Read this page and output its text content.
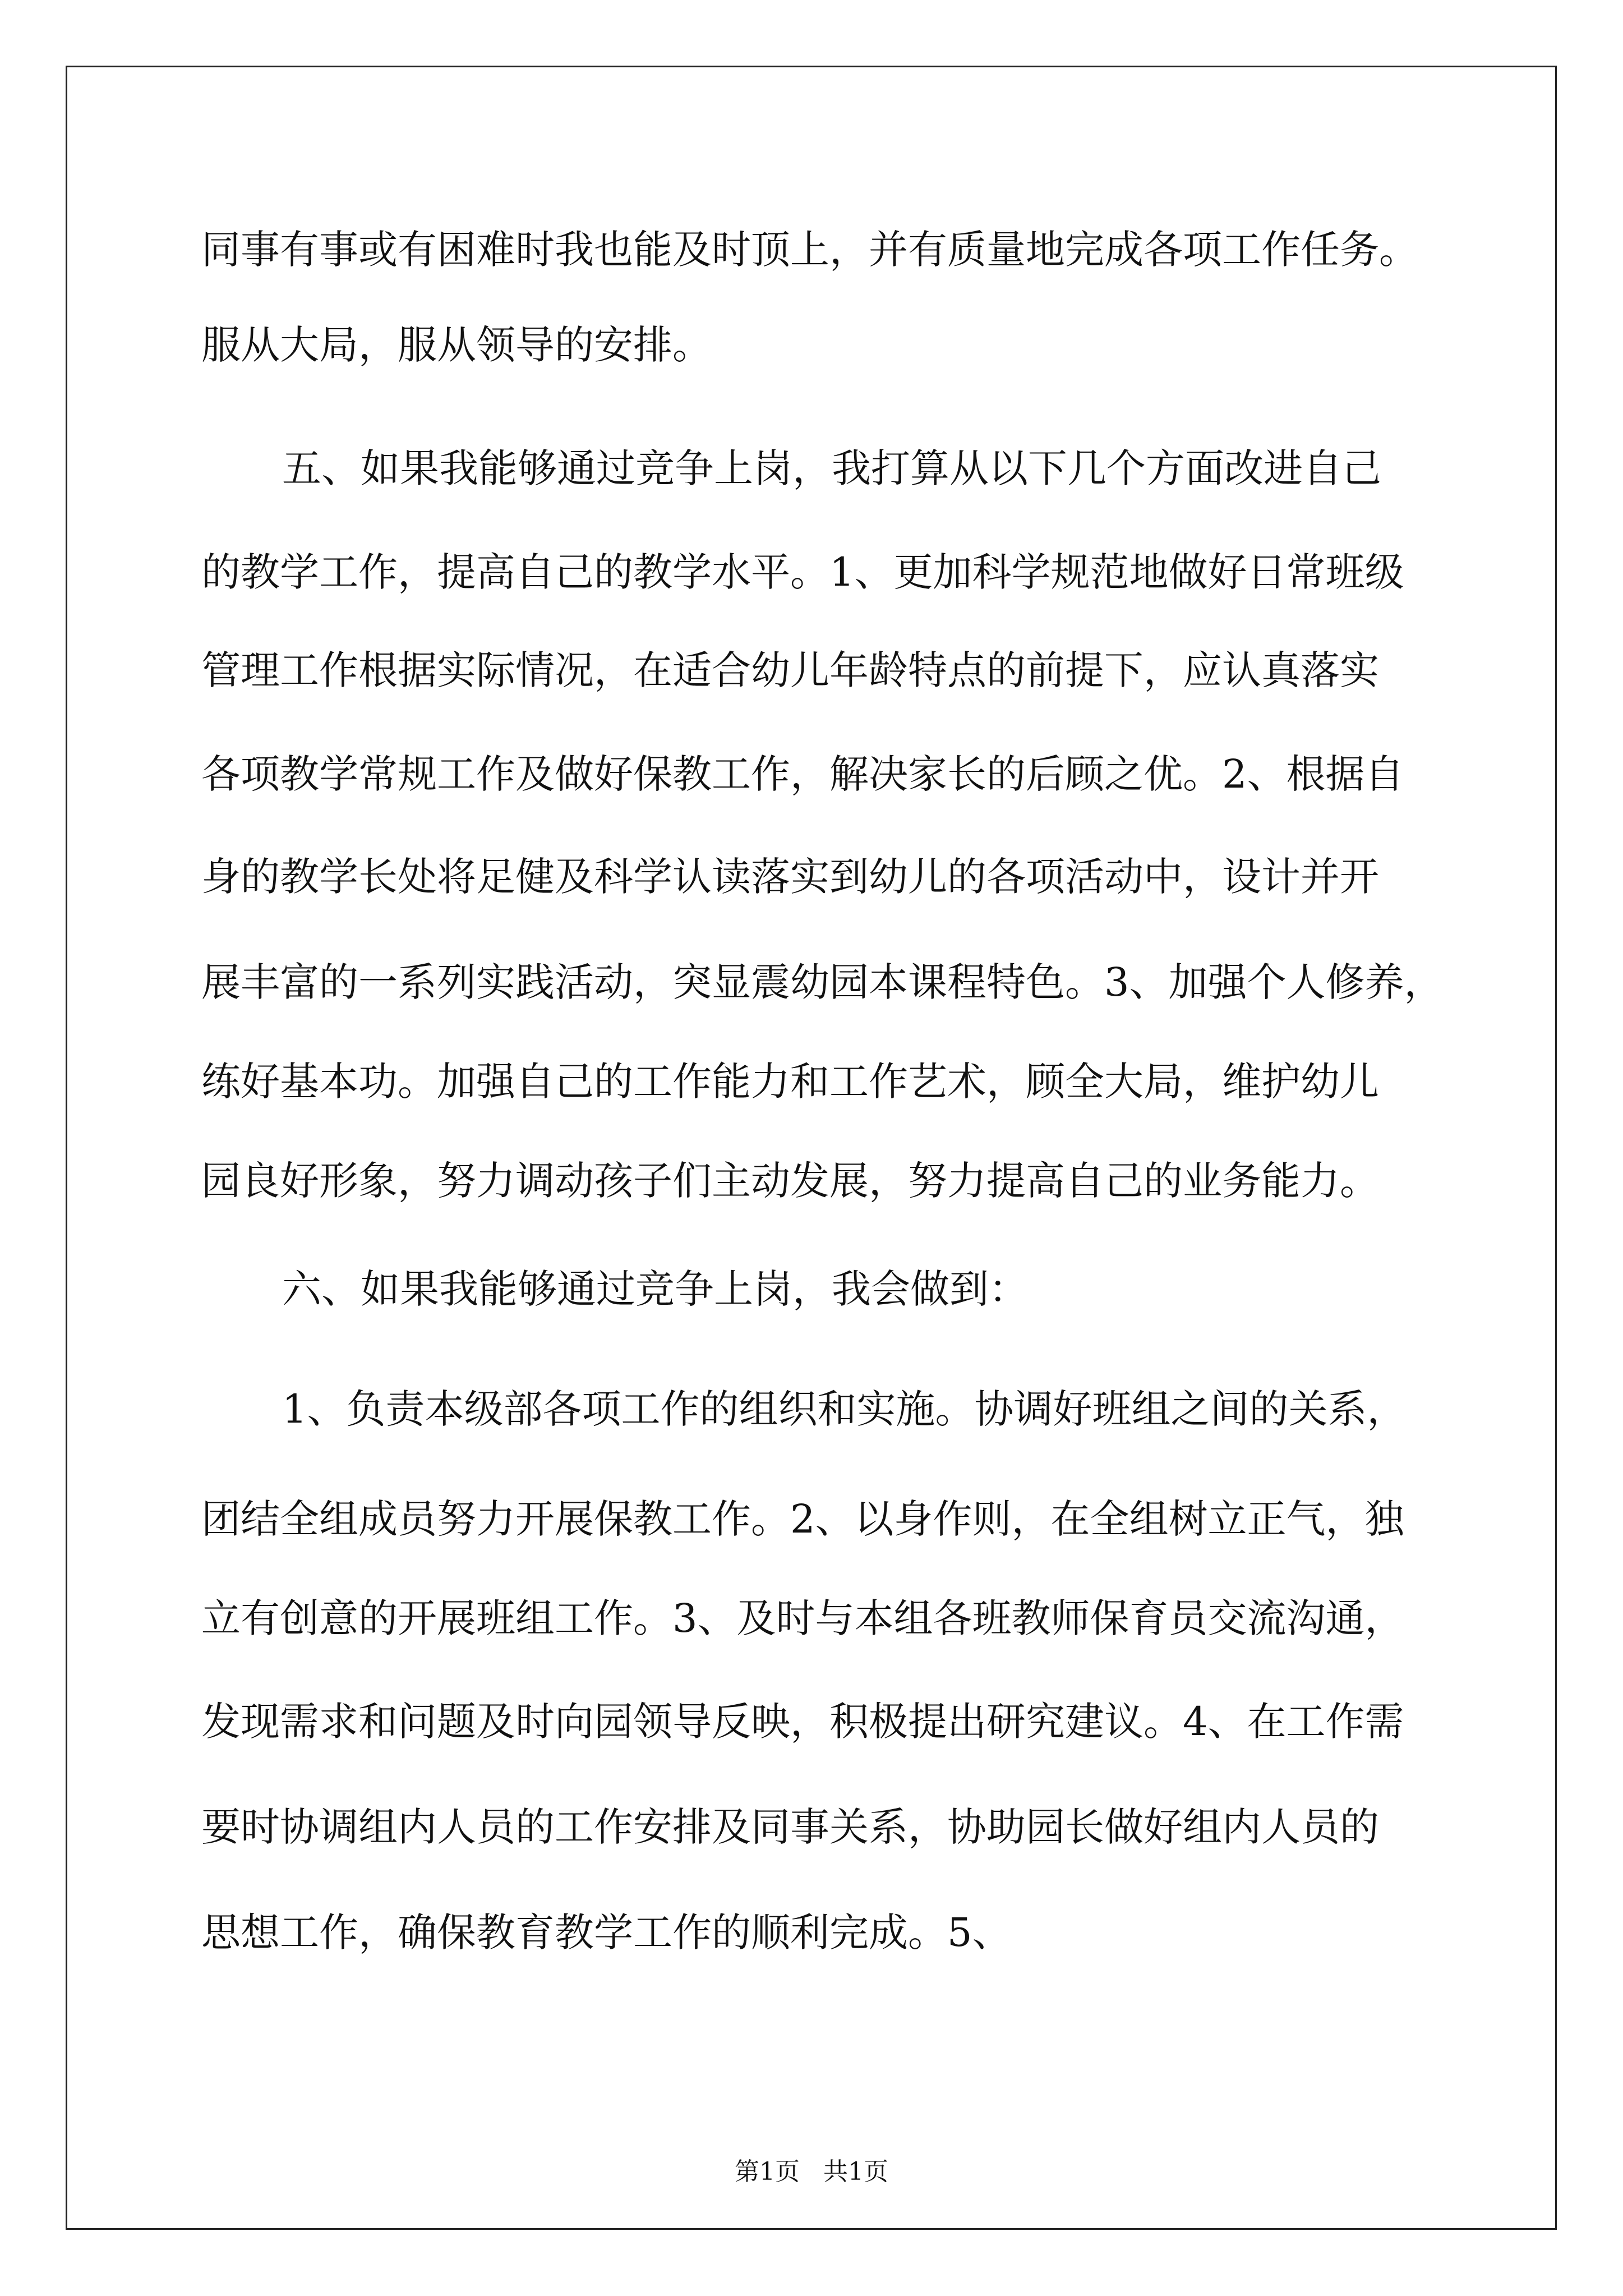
同事有事或有困难时我也能及时顶上，并有质量地完成各项工作任务。
服从大局，服从领导的安排。
五、如果我能够通过竞争上岗，我打算从以下几个方面改进自己
的教学工作，提高自己的教学水平。1、更加科学规范地做好日常班级
管理工作根据实际情况，在适合幼儿年龄特点的前提下，应认真落实
各项教学常规工作及做好保教工作，解决家长的后顾之优。2、根据自
身的教学长处将足健及科学认读落实到幼儿的各项活动中，设计并开
展丰富的一系列实践活动，突显震幼园本课程特色。3、加强个人修养，
练好基本功。加强自己的工作能力和工作艺术，顾全大局，维护幼儿
园良好形象，努力调动孩子们主动发展，努力提高自己的业务能力。
六、如果我能够通过竞争上岗，我会做到：
1、负责本级部各项工作的组织和实施。协调好班组之间的关系，
团结全组成员努力开展保教工作。2、以身作则，在全组树立正气，独
立有创意的开展班组工作。3、及时与本组各班教师保育员交流沟通，
发现需求和问题及时向园领导反映，积极提出研究建议。4、在工作需
要时协调组内人员的工作安排及同事关系，协助园长做好组内人员的
思想工作，确保教育教学工作的顺利完成。5、
第1页   共1页
